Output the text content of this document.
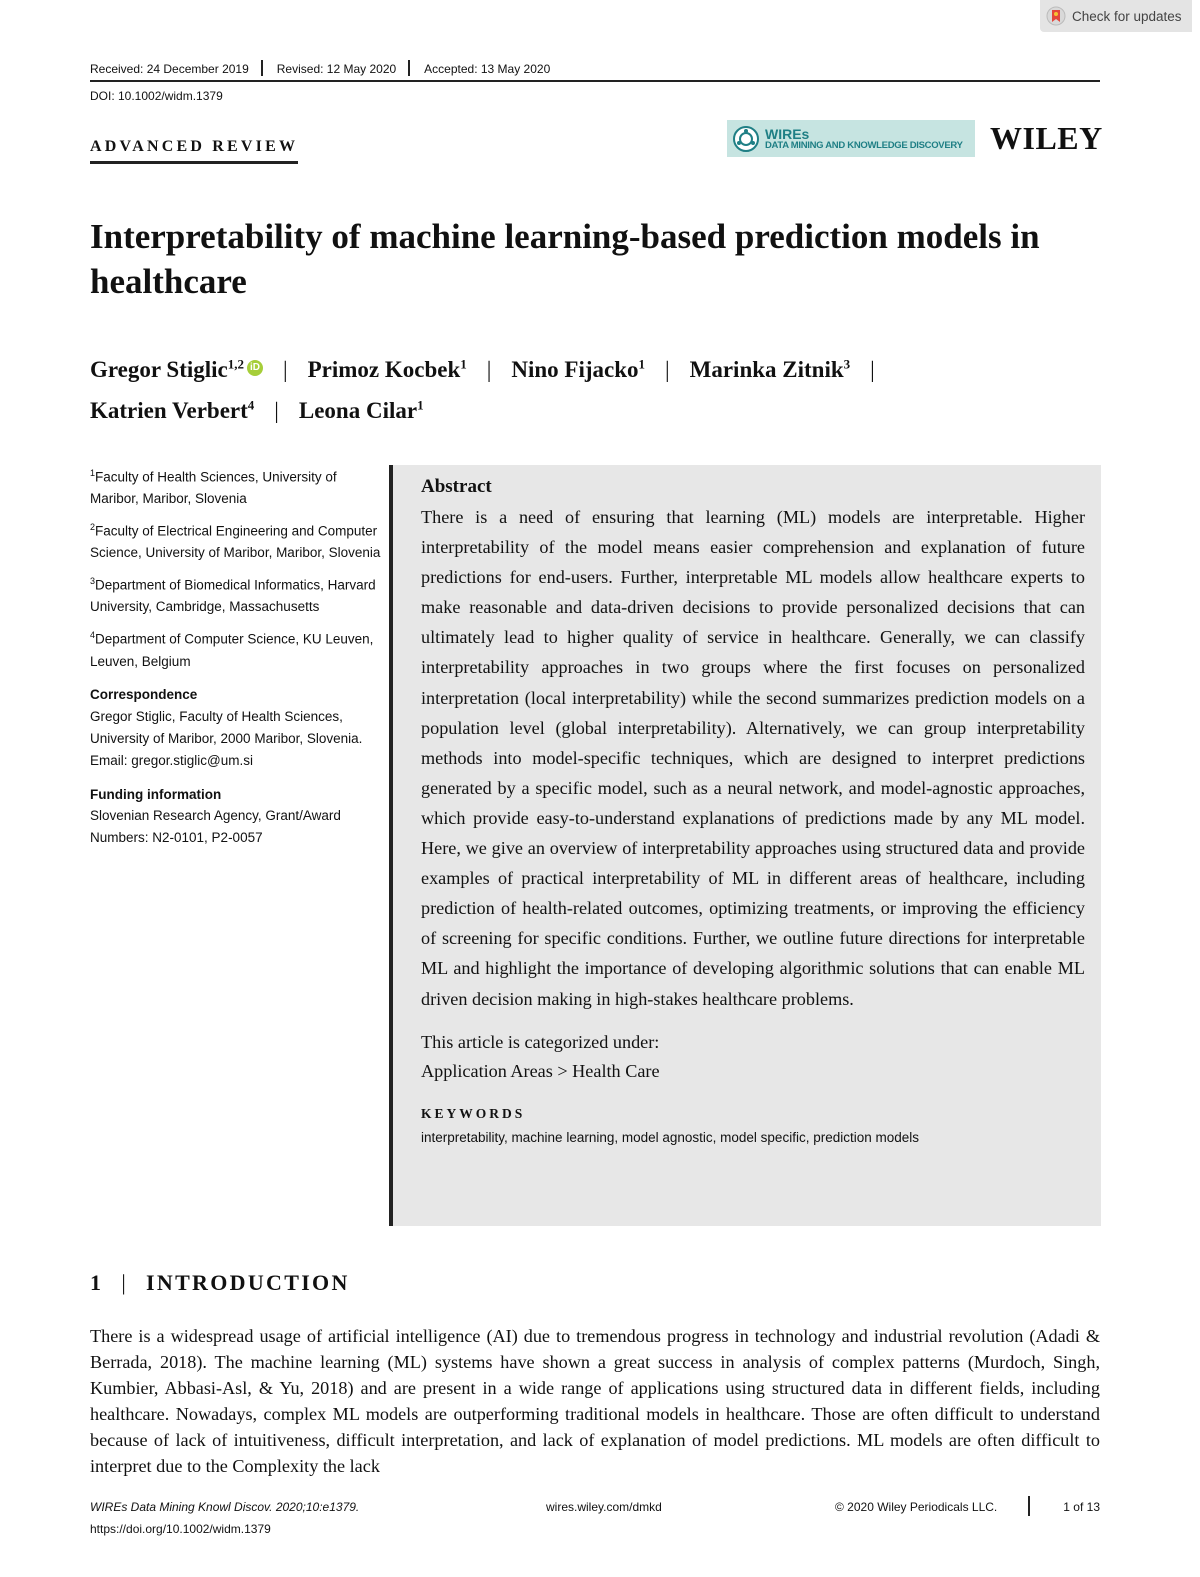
Check for updates
Received: 24 December 2019	Revised: 12 May 2020	Accepted: 13 May 2020
DOI: 10.1002/widm.1379
ADVANCED REVIEW
WIREs
DATA MINING AND KNOWLEDGE DISCOVERY WILEY
Interpretability of machine learning-based prediction models in healthcare
Gregor Stiglic$^{1,2}$ iD | Primoz Kocbek$^1$ | Nino Fijacko$^1$ | Marinka Zitnik$^3$ |
Katrien Verbert$^4$ | Leona Cilar$^1$
$^1$Faculty of Health Sciences, University of Maribor, Maribor, Slovenia
$^2$Faculty of Electrical Engineering and Computer Science, University of Maribor, Maribor, Slovenia
$^3$Department of Biomedical Informatics, Harvard University, Cambridge, Massachusetts
$^4$Department of Computer Science, KU Leuven, Leuven, Belgium
Correspondence
Gregor Stiglic, Faculty of Health Sciences, University of Maribor, 2000 Maribor, Slovenia.
Email: gregor.stiglic@um.si
Funding information
Slovenian Research Agency, Grant/Award Numbers: N2-0101, P2-0057
Abstract
There is a need of ensuring that learning (ML) models are interpretable. Higher interpretability of the model means easier comprehension and explanation of future predictions for end-users. Further, interpretable ML models allow healthcare experts to make reasonable and data-driven decisions to provide personalized decisions that can ultimately lead to higher quality of service in healthcare. Generally, we can classify interpretability approaches in two groups where the first focuses on personalized interpretation (local interpretability) while the second summarizes prediction models on a population level (global interpretability). Alternatively, we can group interpretability methods into model-specific techniques, which are designed to interpret predictions generated by a specific model, such as a neural network, and model-agnostic approaches, which provide easy-to-understand explanations of predictions made by any ML model. Here, we give an overview of interpretability approaches using structured data and provide examples of practical interpretability of ML in different areas of healthcare, including prediction of health-related outcomes, optimizing treatments, or improving the efficiency of screening for specific conditions. Further, we outline future directions for interpretable ML and highlight the importance of developing algorithmic solutions that can enable ML driven decision making in high-stakes healthcare problems.
This article is categorized under:
Application Areas > Health Care
KEYWORDS
interpretability, machine learning, model agnostic, model specific, prediction models
1 | INTRODUCTION
There is a widespread usage of artificial intelligence (AI) due to tremendous progress in technology and industrial revolution (Adadi & Berrada, 2018). The machine learning (ML) systems have shown a great success in analysis of complex patterns (Murdoch, Singh, Kumbier, Abbasi-Asl, & Yu, 2018) and are present in a wide range of applications using structured data in different fields, including healthcare. Nowadays, complex ML models are outperforming traditional models in healthcare. Those are often difficult to understand because of lack of intuitiveness, difficult interpretation, and lack of explanation of model predictions. ML models are often difficult to interpret due to the Complexity the lack
WIREs Data Mining Knowl Discov. 2020;10:e1379.	wires.wiley.com/dmkd	© 2020 Wiley Periodicals LLC.	1 of 13
https://doi.org/10.1002/widm.1379
